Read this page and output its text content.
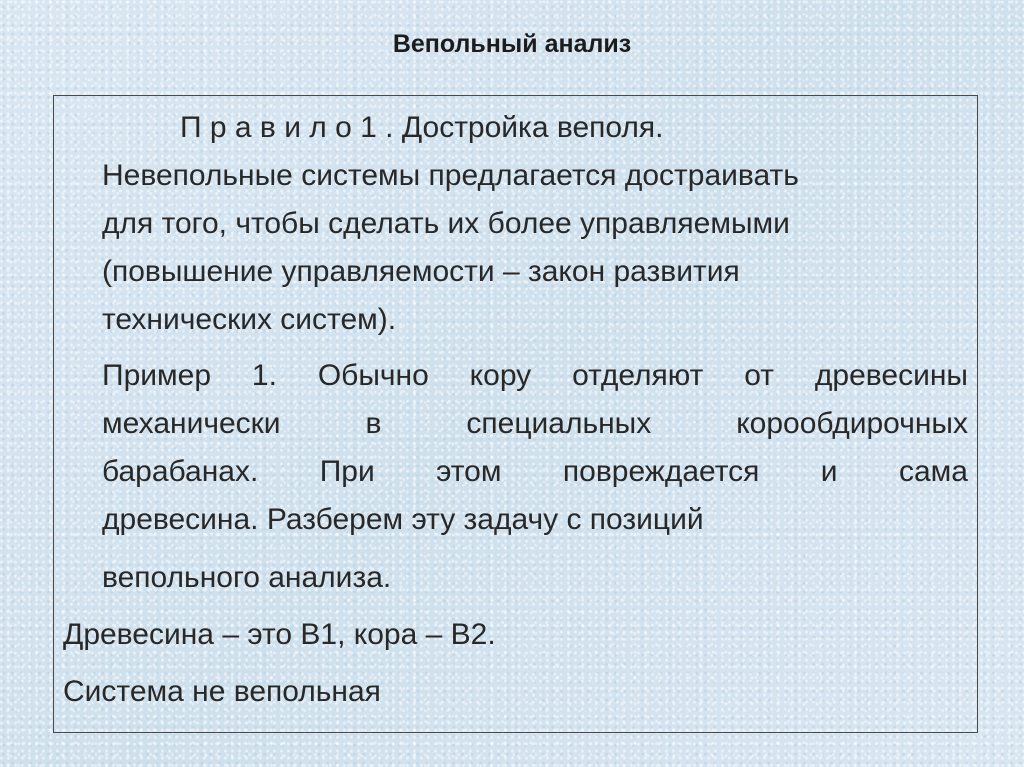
Вепольный анализ

П р а в и л о 1 . Достройка веполя.

Невепольные системы предлагается достраивать

для того, чтобы сделать их более управляемыми

(повышение управляемости – закон развития

технических систем).

Пример 1. Обычно кору отделяют от древесины
механически	в	специальных	корообдирочных
барабанах. При этом повреждается и сама

древесина. Разберем эту задачу с позиций

вепольного анализа.

Древесина – это В1, кора – В2.

Система не вепольная
